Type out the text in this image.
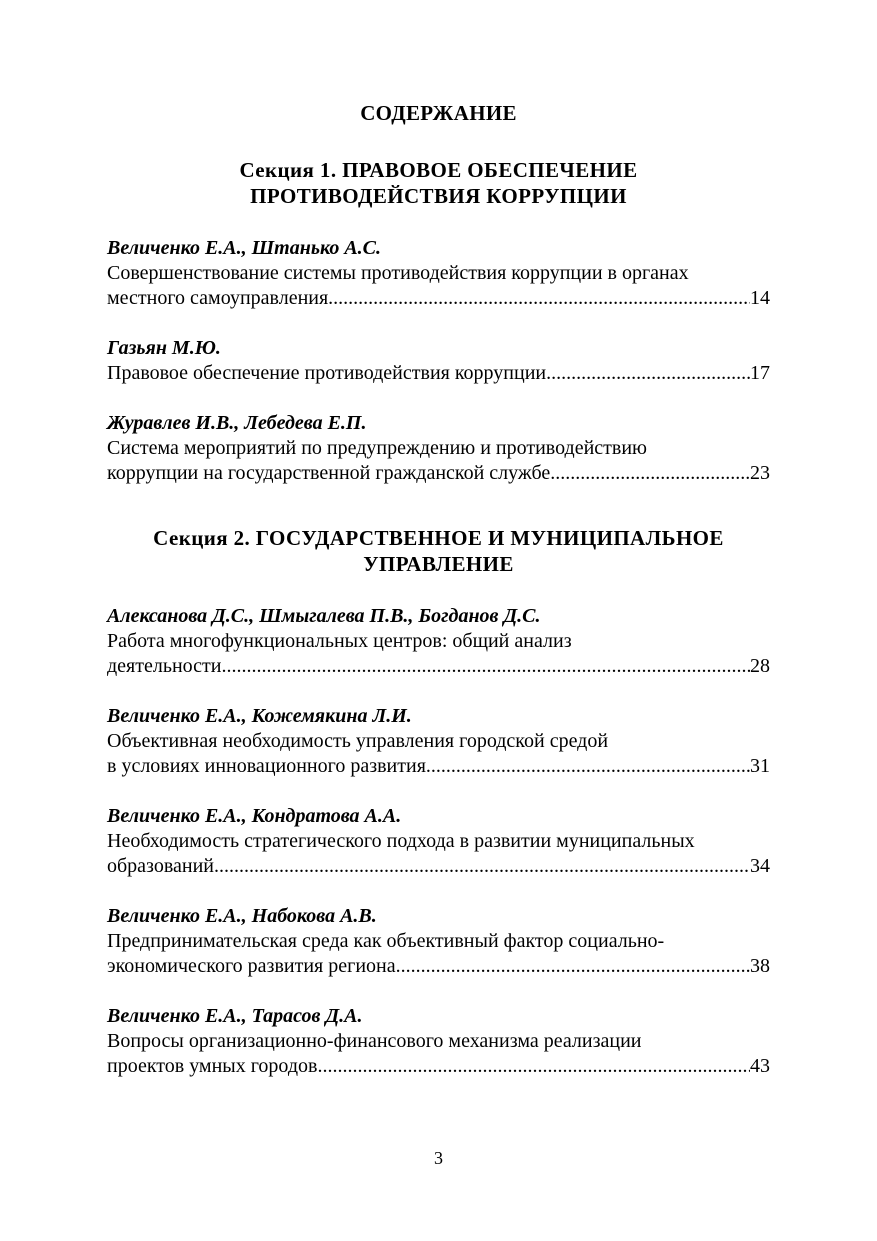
СОДЕРЖАНИЕ
Секция 1. ПРАВОВОЕ ОБЕСПЕЧЕНИЕ
ПРОТИВОДЕЙСТВИЯ КОРРУПЦИИ
Величенко Е.А., Штанько А.С.
Совершенствование системы противодействия коррупции в органах
местного самоуправления .....	14
Газьян М.Ю.
Правовое обеспечение противодействия коррупции .....	17
Журавлев И.В., Лебедева Е.П.
Система мероприятий по предупреждению и противодействию
коррупции на государственной гражданской службе .....	23
Секция 2. ГОСУДАРСТВЕННОЕ И МУНИЦИПАЛЬНОЕ
УПРАВЛЕНИЕ
Алексанова Д.С., Шмыгалева П.В., Богданов Д.С.
Работа многофункциональных центров: общий анализ
деятельности .....	28
Величенко Е.А., Кожемякина Л.И.
Объективная необходимость управления городской средой
в условиях инновационного развития .....	31
Величенко Е.А., Кондратова А.А.
Необходимость стратегического подхода в развитии муниципальных
образований .....	34
Величенко Е.А., Набокова А.В.
Предпринимательская среда как объективный фактор социально-
экономического развития региона .....	38
Величенко Е.А., Тарасов Д.А.
Вопросы организационно-финансового механизма реализации
проектов умных городов .....	43
3
